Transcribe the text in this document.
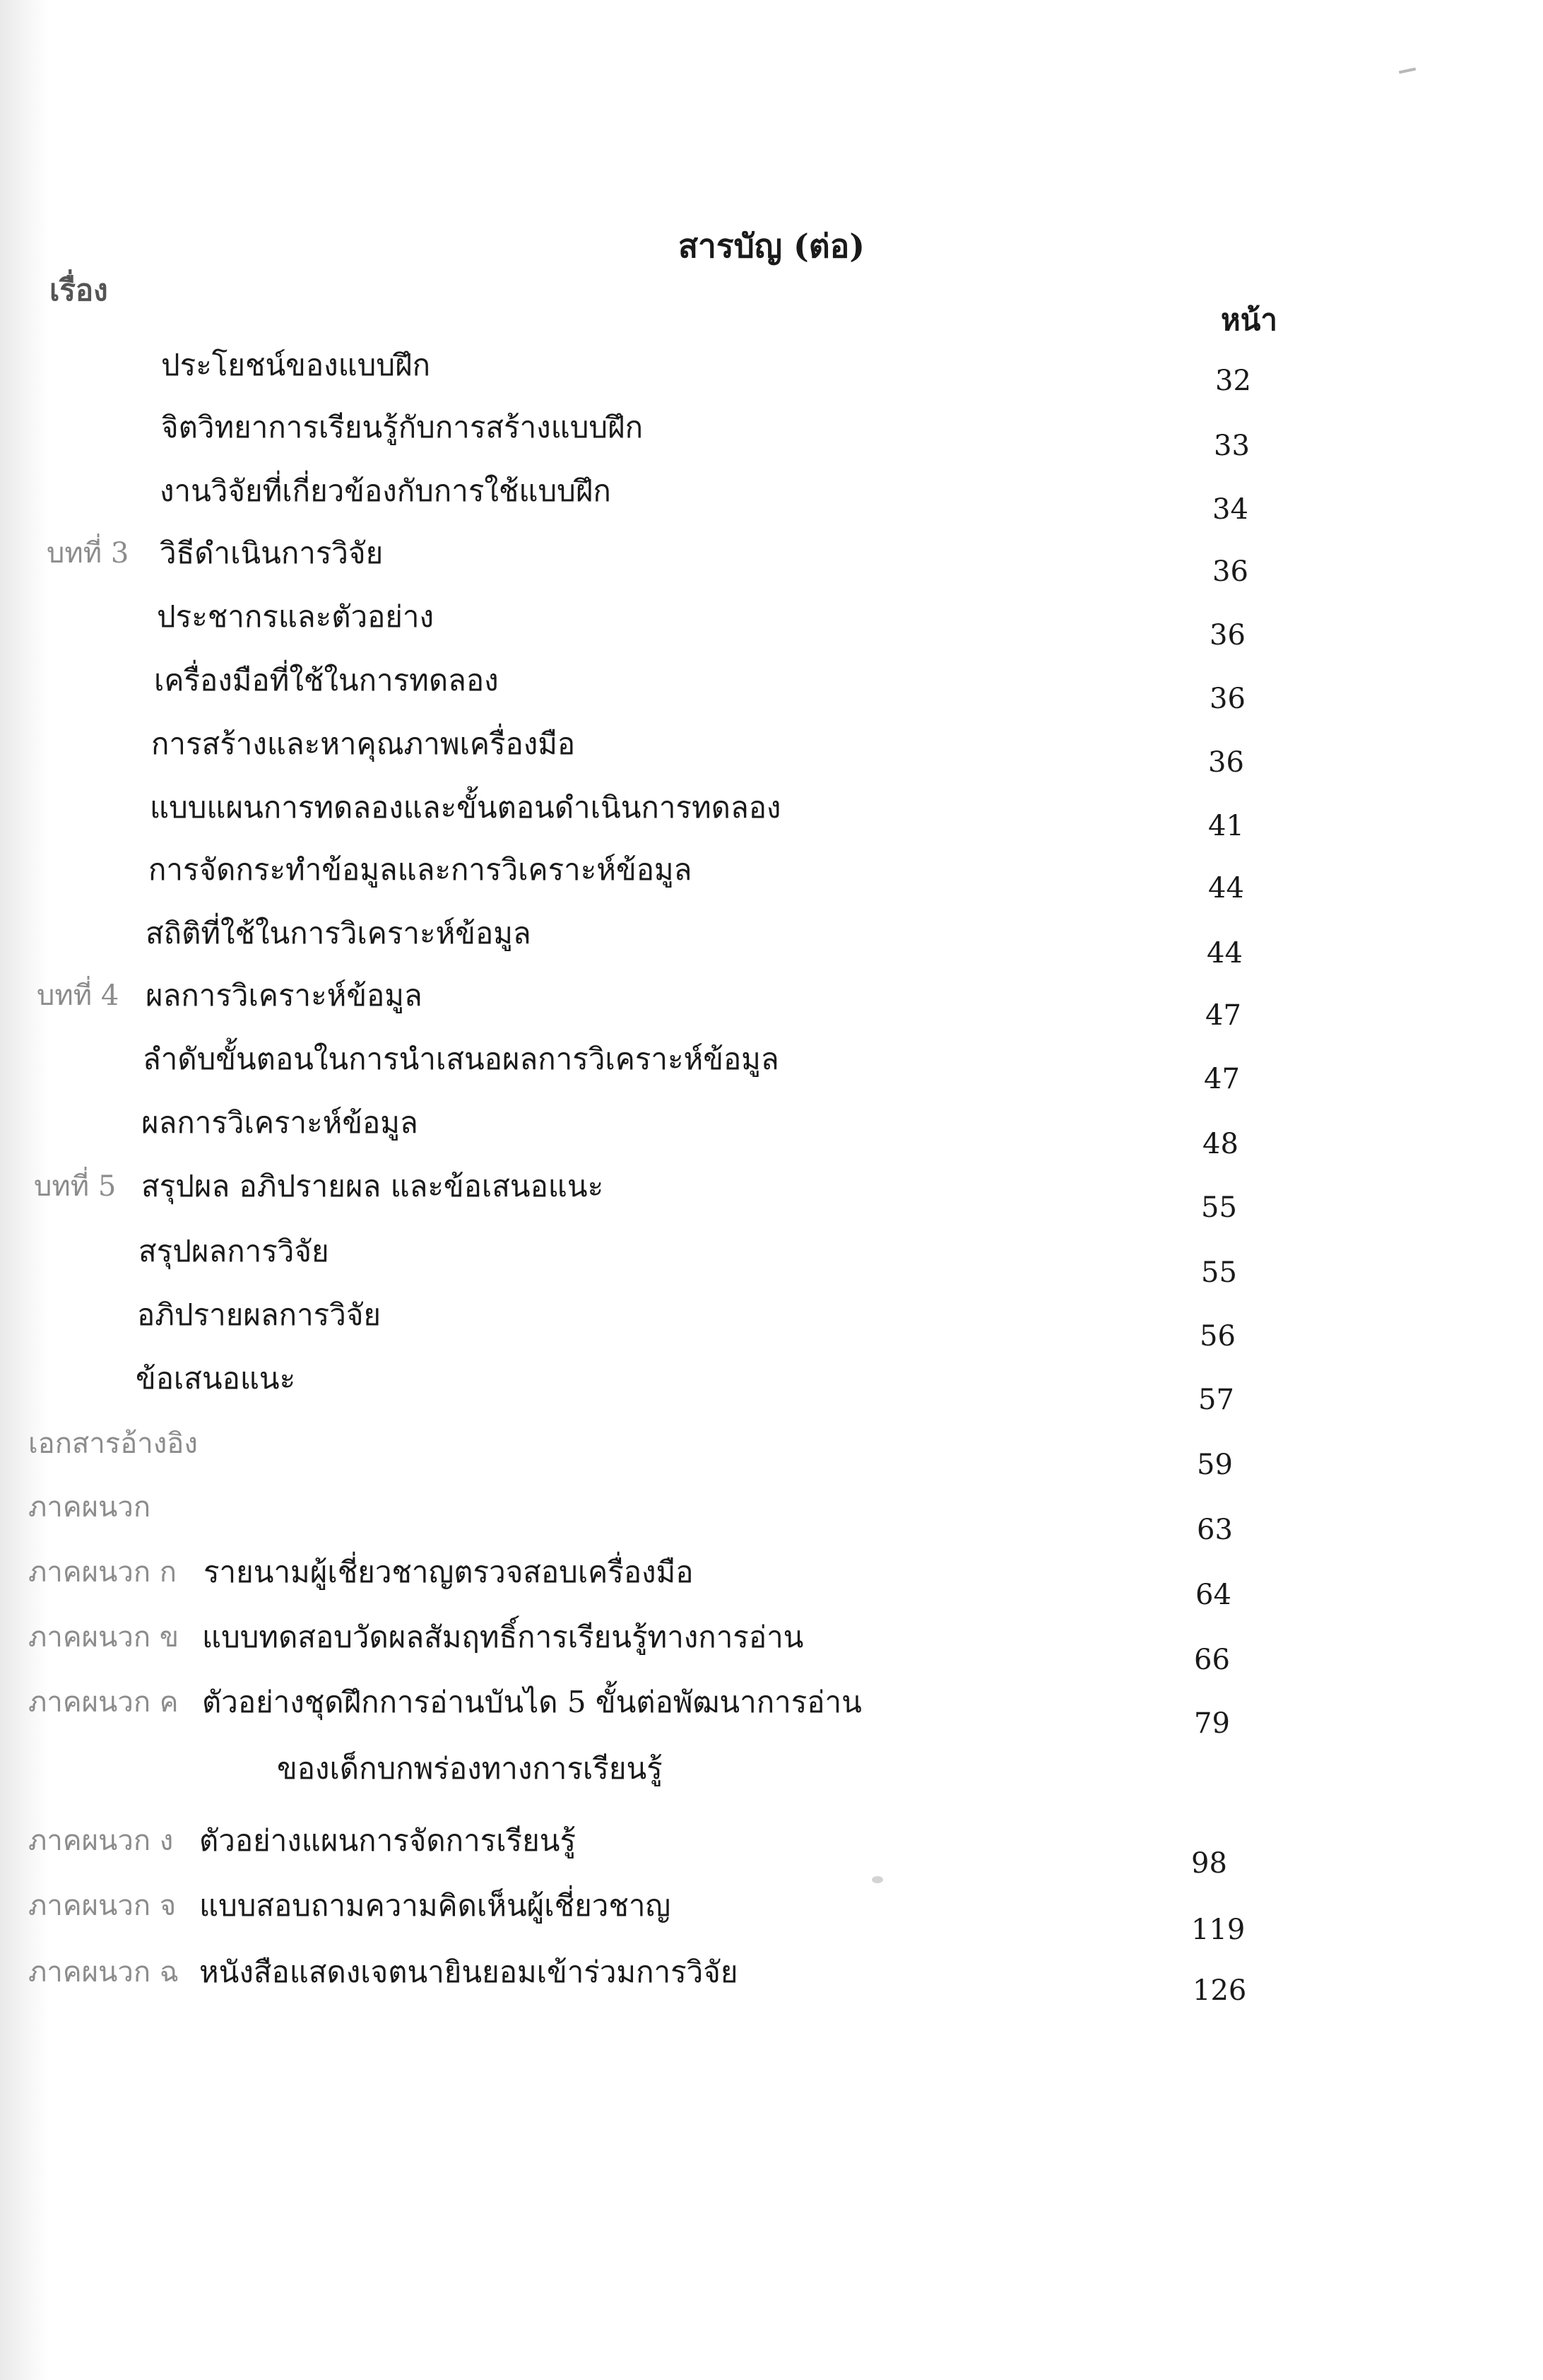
สารบัญ (ต่อ)
เรื่อง
หน้า
ประโยชน์ของแบบฝึก	32
จิตวิทยาการเรียนรู้กับการสร้างแบบฝึก
33
งานวิจัยที่เกี่ยวข้องกับการใช้แบบฝึก
34
บทที่ 3 วิธีดำเนินการวิจัย
36
ประชากรและตัวอย่าง
36
เครื่องมือที่ใช้ในการทดลอง
36
การสร้างและหาคุณภาพเครื่องมือ
36
แบบแผนการทดลองและขั้นตอนดำเนินการทดลอง
41
การจัดกระทำข้อมูลและการวิเคราะห์ข้อมูล
44
สถิติที่ใช้ในการวิเคราะห์ข้อมูล
44
บทที่ 4 ผลการวิเคราะห์ข้อมูล
47
ลำดับขั้นตอนในการนำเสนอผลการวิเคราะห์ข้อมูล
47
ผลการวิเคราะห์ข้อมูล
48
บทที่ 5 สรุปผล อภิปรายผล และข้อเสนอแนะ
55
สรุปผลการวิจัย
55
อภิปรายผลการวิจัย
56
ข้อเสนอแนะ
57
เอกสารอ้างอิง
59
ภาคผนวก
63
ภาคผนวก ก รายนามผู้เชี่ยวชาญตรวจสอบเครื่องมือ
64
ภาคผนวก ข แบบทดสอบวัดผลสัมฤทธิ์การเรียนรู้ทางการอ่าน
66
ภาคผนวก ค ตัวอย่างชุดฝึกการอ่านบันได 5 ขั้นต่อพัฒนาการอ่าน
79
ของเด็กบกพร่องทางการเรียนรู้
ภาคผนวก ง ตัวอย่างแผนการจัดการเรียนรู้
98
ภาคผนวก จ แบบสอบถามความคิดเห็นผู้เชี่ยวชาญ
119
ภาคผนวก ฉ หนังสือแสดงเจตนายินยอมเข้าร่วมการวิจัย
126
